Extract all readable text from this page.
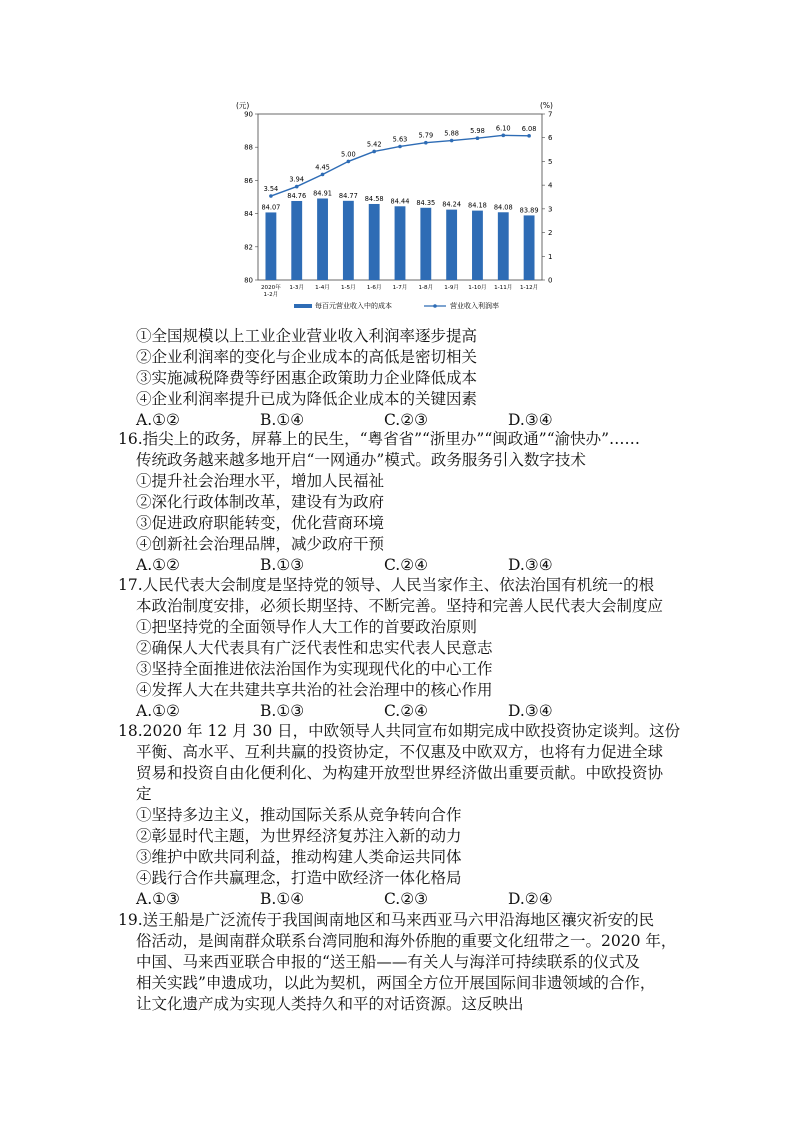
(元)	(%)
90
88
86
84
82
80
7
6
5
4
3
2
1
0
84.07
84.76 84.91 84.77 84.58 84.44 84.35 84.24 84.18 84.08 83.89
3.54
3.94
4.45
5.00
5.42
5.63 5.79 5.88 5.98 6.10 6.08
2020年
1-2月
1-3月 1-4月 1-5月 1-6月 1-7月 1-8月 1-9月 1-10月 1-11月 1-12月
每百元营业收入中的成本	营业收入利润率
①全国规模以上工业企业营业收入利润率逐步提高
②企业利润率的变化与企业成本的高低是密切相关
③实施减税降费等纾困惠企政策助力企业降低成本
④企业利润率提升已成为降低企业成本的关键因素
A.①②	B.①④	C.②③	D.③④
16.指尖上的政务，屏幕上的民生，“粤省省”“浙里办”“闽政通”“渝快办”……
传统政务越来越多地开启“一网通办”模式。政务服务引入数字技术
①提升社会治理水平，增加人民福祉
②深化行政体制改革，建设有为政府
③促进政府职能转变，优化营商环境
④创新社会治理品牌，减少政府干预
A.①②	B.①③	C.②④	D.③④
17.人民代表大会制度是坚持党的领导、人民当家作主、依法治国有机统一的根
本政治制度安排，必须长期坚持、不断完善。坚持和完善人民代表大会制度应
①把坚持党的全面领导作人大工作的首要政治原则
②确保人大代表具有广泛代表性和忠实代表人民意志
③坚持全面推进依法治国作为实现现代化的中心工作
④发挥人大在共建共享共治的社会治理中的核心作用
A.①②	B.①③	C.②④	D.③④
18.2020 年 12 月 30 日，中欧领导人共同宣布如期完成中欧投资协定谈判。这份
平衡、高水平、互利共赢的投资协定，不仅惠及中欧双方，也将有力促进全球
贸易和投资自由化便利化、为构建开放型世界经济做出重要贡献。中欧投资协
定
①坚持多边主义，推动国际关系从竞争转向合作
②彰显时代主题，为世界经济复苏注入新的动力
③维护中欧共同利益，推动构建人类命运共同体
④践行合作共赢理念，打造中欧经济一体化格局
A.①③	B.①④	C.②③	D.②④
19.送王船是广泛流传于我国闽南地区和马来西亚马六甲沿海地区禳灾祈安的民
俗活动，是闽南群众联系台湾同胞和海外侨胞的重要文化纽带之一。2020 年，
中国、马来西亚联合申报的“送王船——有关人与海洋可持续联系的仪式及
相关实践”申遗成功，以此为契机，两国全方位开展国际间非遗领域的合作，
让文化遗产成为实现人类持久和平的对话资源。这反映出
